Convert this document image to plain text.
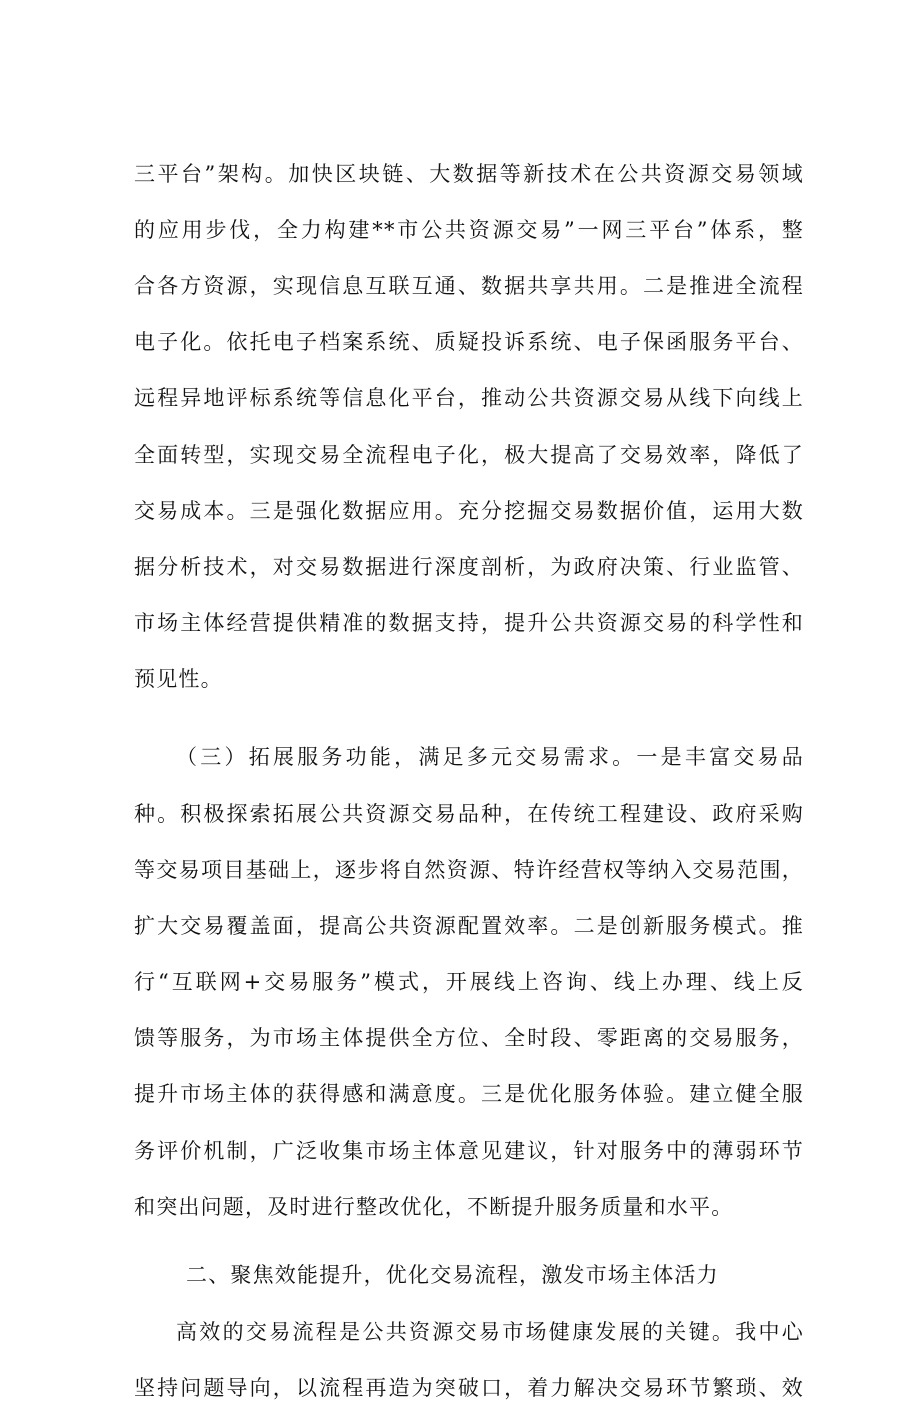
三平台”架构。加快区块链、大数据等新技术在公共资源交易领域
的应用步伐，全力构建**市公共资源交易”一网三平台”体系，整
合各方资源，实现信息互联互通、数据共享共用。二是推进全流程
电子化。依托电子档案系统、质疑投诉系统、电子保函服务平台、
远程异地评标系统等信息化平台，推动公共资源交易从线下向线上
全面转型，实现交易全流程电子化，极大提高了交易效率，降低了
交易成本。三是强化数据应用。充分挖掘交易数据价值，运用大数
据分析技术，对交易数据进行深度剖析，为政府决策、行业监管、
市场主体经营提供精准的数据支持，提升公共资源交易的科学性和
预见性。
（三）拓展服务功能，满足多元交易需求。一是丰富交易品
种。积极探索拓展公共资源交易品种，在传统工程建设、政府采购
等交易项目基础上，逐步将自然资源、特许经营权等纳入交易范围，
扩大交易覆盖面，提高公共资源配置效率。二是创新服务模式。推
行“互联网+交易服务”模式，开展线上咨询、线上办理、线上反
馈等服务，为市场主体提供全方位、全时段、零距离的交易服务，
提升市场主体的获得感和满意度。三是优化服务体验。建立健全服
务评价机制，广泛收集市场主体意见建议，针对服务中的薄弱环节
和突出问题，及时进行整改优化，不断提升服务质量和水平。
二、聚焦效能提升，优化交易流程，激发市场主体活力
高效的交易流程是公共资源交易市场健康发展的关键。我中心
坚持问题导向，以流程再造为突破口，着力解决交易环节繁琐、效
